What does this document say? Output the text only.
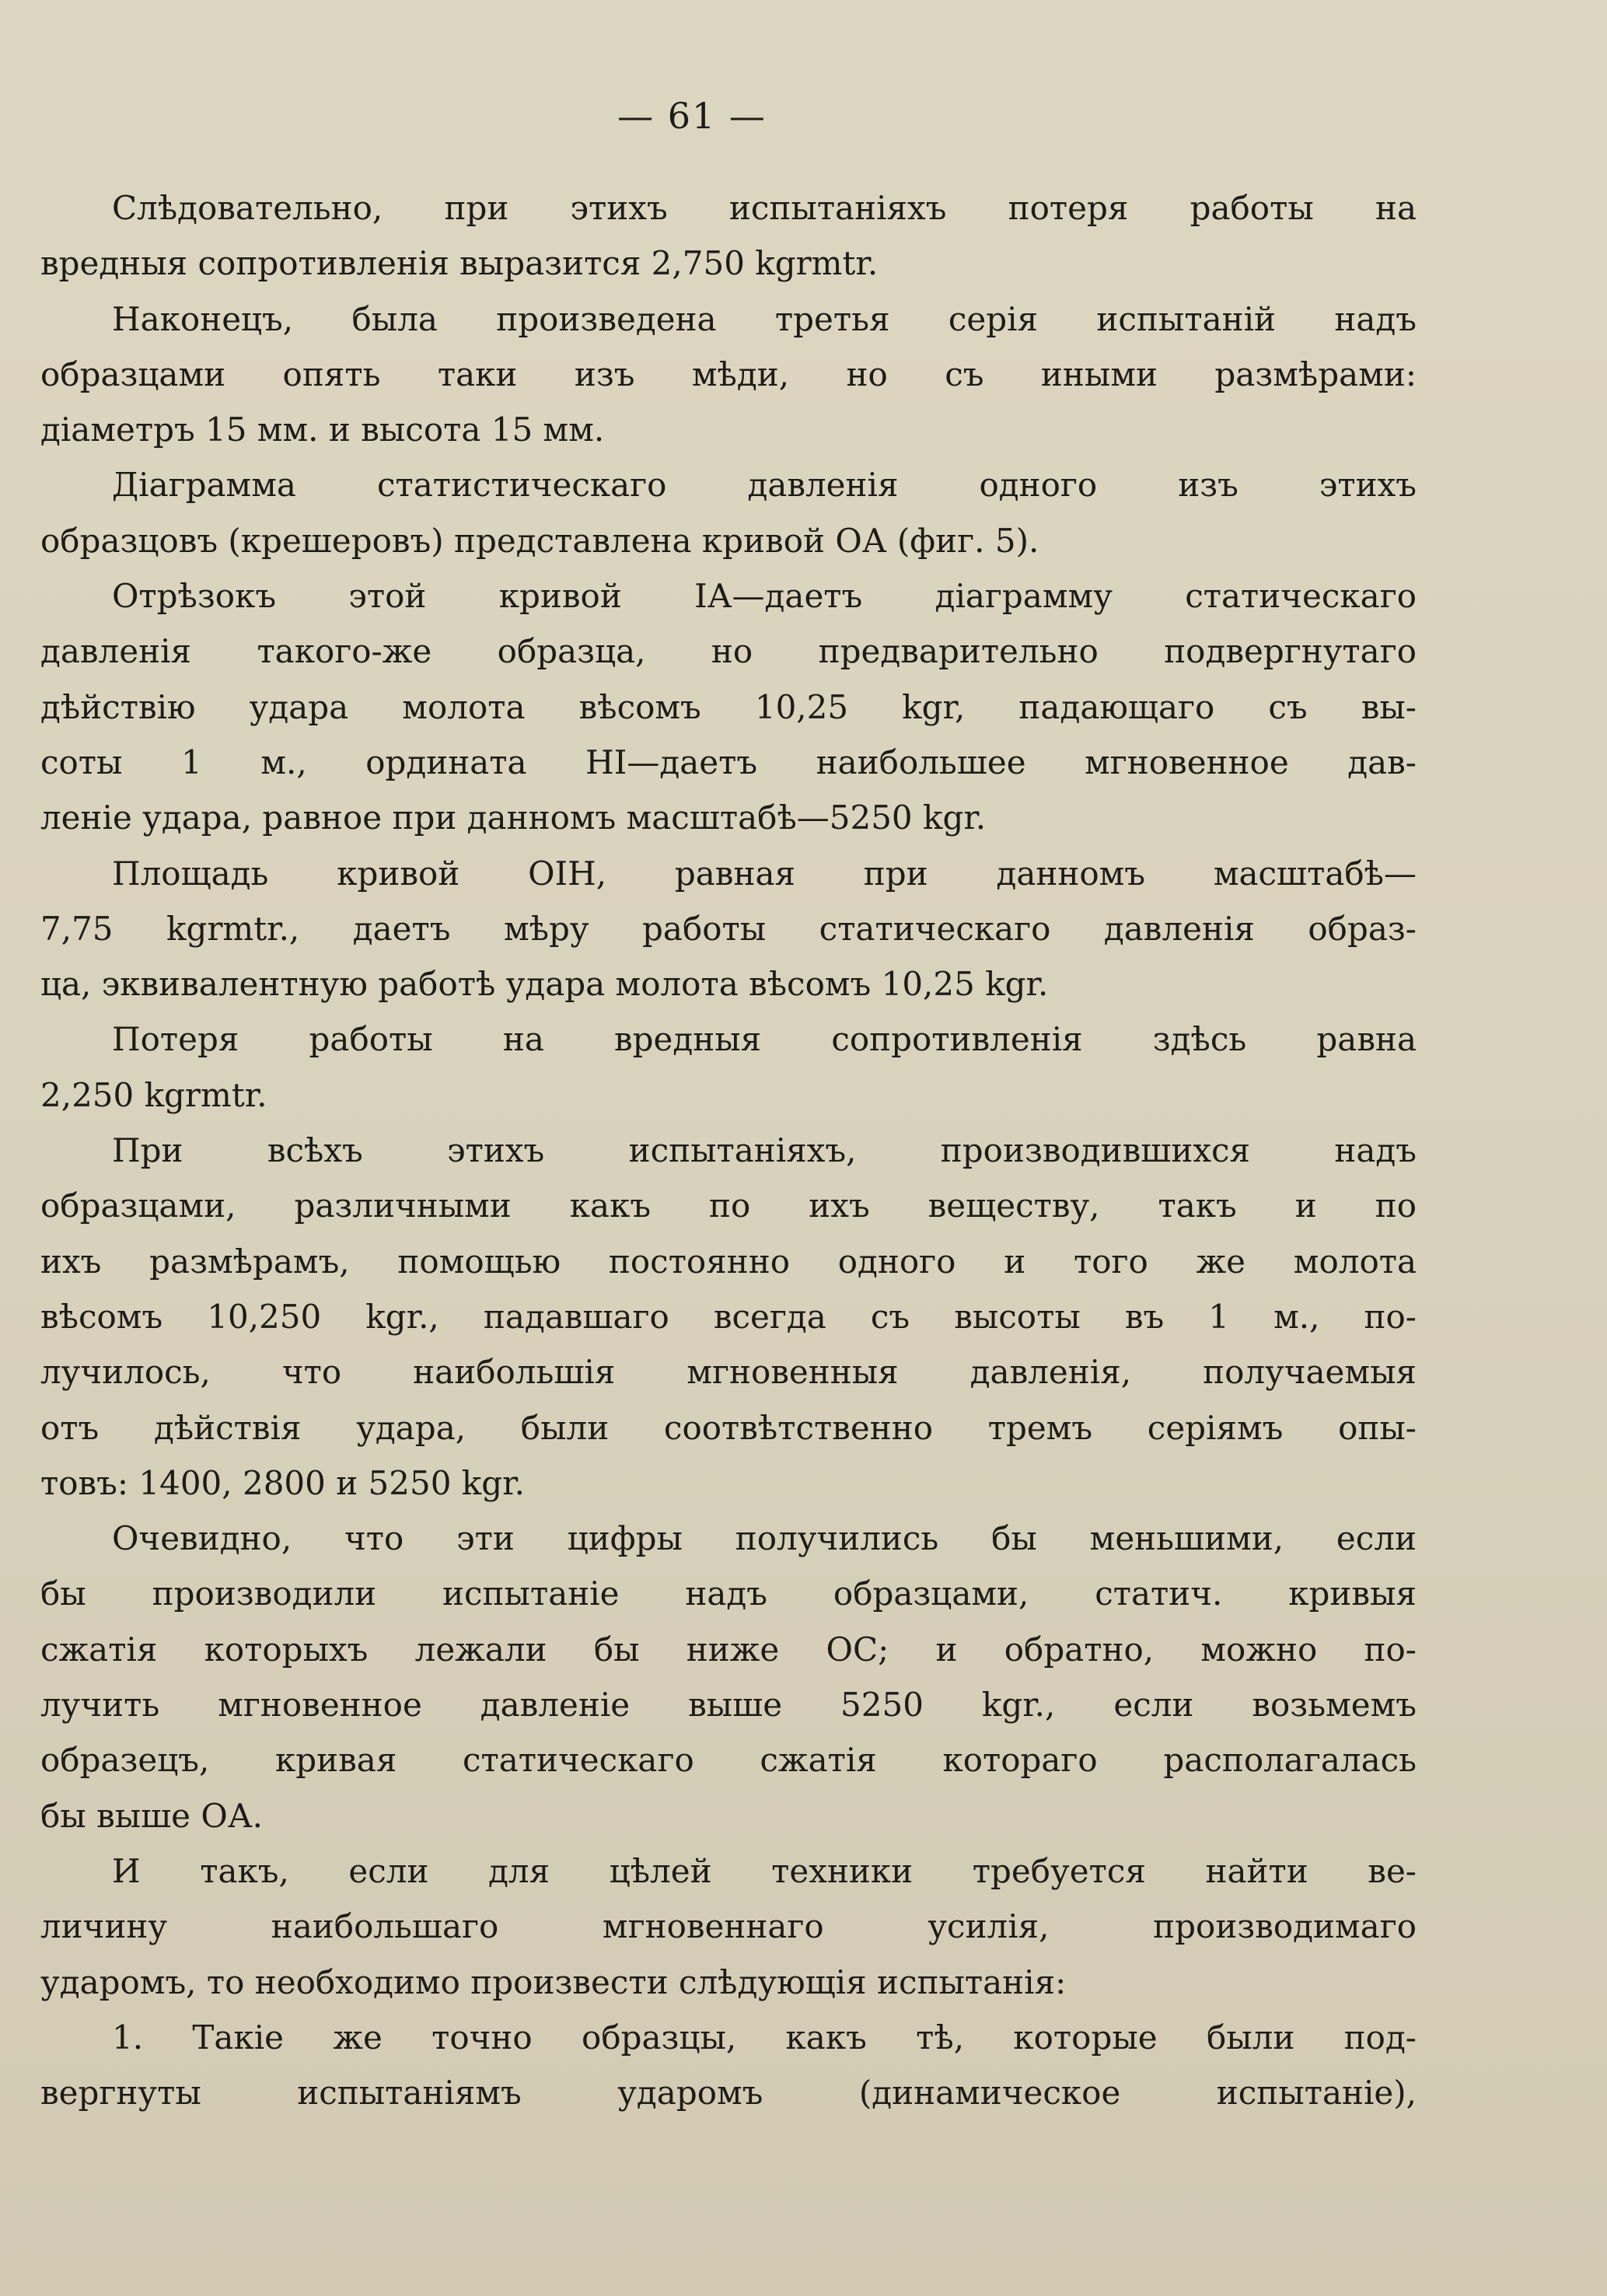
— 61 —
Слѣдовательно, при этихъ испытаніяхъ потеря работы на
вредныя сопротивленія выразится 2,750 kgrmtr.
Наконецъ, была произведена третья серія испытаній надъ
образцами опять таки изъ мѣди, но съ иными размѣрами:
діаметръ 15 мм. и высота 15 мм.
Діаграмма статистическаго давленія одного изъ этихъ
образцовъ (крешеровъ) представлена кривой ОА (фиг. 5).
Отрѣзокъ этой кривой IА—даетъ діаграмму статическаго
давленія такого-же образца, но предварительно подвергнутаго
дѣйствію удара молота вѣсомъ 10,25 kgr, падающаго съ вы-
соты 1 м., ордината НI—даетъ наибольшее мгновенное дав-
леніе удара, равное при данномъ масштабѣ—5250 kgr.
Площадь кривой ОIН, равная при данномъ масштабѣ—
7,75 kgrmtr., даетъ мѣру работы статическаго давленія образ-
ца, эквивалентную работѣ удара молота вѣсомъ 10,25 kgr.
Потеря работы на вредныя сопротивленія здѣсь равна
2,250 kgrmtr.
При всѣхъ этихъ испытаніяхъ, производившихся надъ
образцами, различными какъ по ихъ веществу, такъ и по
ихъ размѣрамъ, помощью постоянно одного и того же молота
вѣсомъ 10,250 kgr., падавшаго всегда съ высоты въ 1 м., по-
лучилось, что наибольшія мгновенныя давленія, получаемыя
отъ дѣйствія удара, были соотвѣтственно тремъ серіямъ опы-
товъ: 1400, 2800 и 5250 kgr.
Очевидно, что эти цифры получились бы меньшими, если
бы производили испытаніе надъ образцами, статич. кривыя
сжатія которыхъ лежали бы ниже ОС; и обратно, можно по-
лучить мгновенное давленіе выше 5250 kgr., если возьмемъ
образецъ, кривая статическаго сжатія котораго располагалась
бы выше ОА.
И такъ, если для цѣлей техники требуется найти ве-
личину наибольшаго мгновеннаго усилія, производимаго
ударомъ, то необходимо произвести слѣдующія испытанія:
1. Такіе же точно образцы, какъ тѣ, которые были под-
вергнуты испытаніямъ ударомъ (динамическое испытаніе),
